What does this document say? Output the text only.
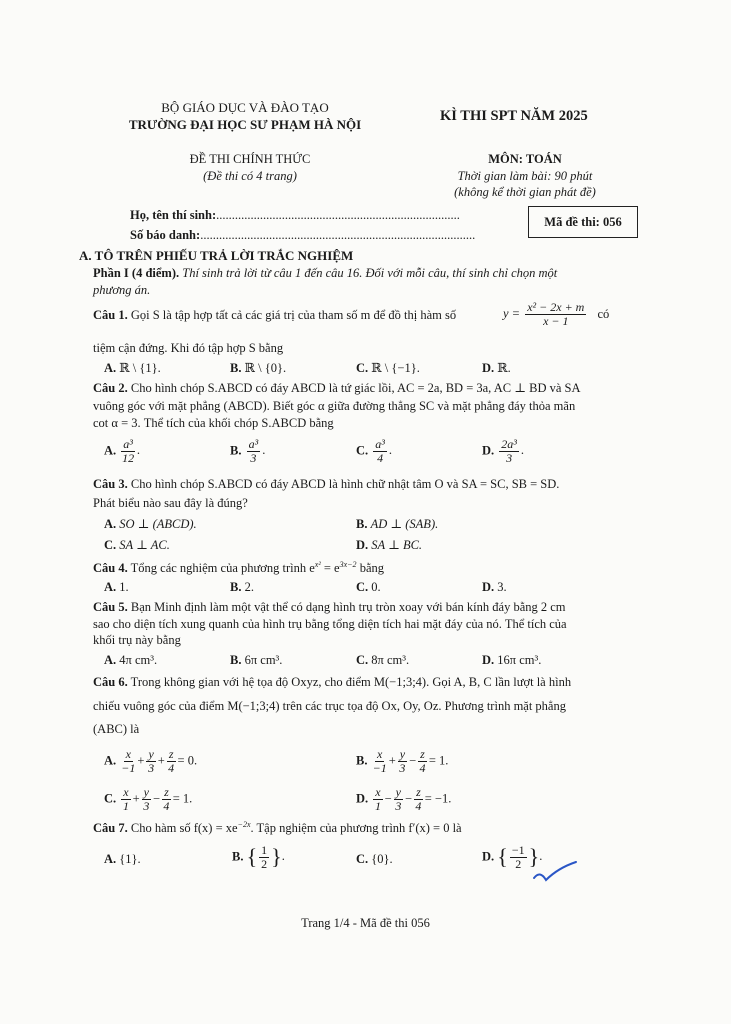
BỘ GIÁO DỤC VÀ ĐÀO TẠO
TRƯỜNG ĐẠI HỌC SƯ PHẠM HÀ NỘI
KÌ THI SPT NĂM 2025
ĐỀ THI CHÍNH THỨC
(Đề thi có 4 trang)
MÔN: TOÁN
Thời gian làm bài: 90 phút
(không kể thời gian phát đề)
Họ, tên thí sinh:..............................................................................
Số báo danh:........................................................................................
Mã đề thi: 056
A. TÔ TRÊN PHIẾU TRẢ LỜI TRẮC NGHIỆM
Phần I (4 điểm). Thí sinh trả lời từ câu 1 đến câu 16. Đối với mỗi câu, thí sinh chỉ chọn một
phương án.
Câu 1. Gọi S là tập hợp tất cả các giá trị của tham số m để đồ thị hàm số	$y = \frac{\text{x² − 2x + m}}{x - 1}$ có
tiệm cận đứng. Khi đó tập hợp S bằng
A. ℝ \ {1}.	B. ℝ \ {0}.	C. ℝ \ {−1}.	D. ℝ.
Câu 2. Cho hình chóp S.ABCD có đáy ABCD là tứ giác lồi, AC = 2a, BD = 3a, AC ⊥ BD và SA
vuông góc với mặt phẳng (ABCD). Biết góc α giữa đường thẳng SC và mặt phẳng đáy thỏa mãn
cot α = 3. Thể tích của khối chóp S.ABCD bằng
A. $\frac{\text{a³}}{12}$ .	B. $\frac{\text{a³}}{3}$ .	C. $\frac{\text{a³}}{4}$ .	D. $\frac{\text{2a³}}{3}$ .
Câu 3. Cho hình chóp S.ABCD có đáy ABCD là hình chữ nhật tâm O và SA = SC, SB = SD.
Phát biểu nào sau đây là đúng?
A. SO ⊥ (ABCD).	B. AD ⊥ (SAB).
C. SA ⊥ AC.	D. SA ⊥ BC.
Câu 4. Tổng các nghiệm của phương trình $e^{x^2} = e^{3x-2}$ bằng
A. 1.	B. 2.	C. 0.	D. 3.
Câu 5. Bạn Minh định làm một vật thể có dạng hình trụ tròn xoay với bán kính đáy bằng 2 cm
sao cho diện tích xung quanh của hình trụ bằng tổng diện tích hai mặt đáy của nó. Thể tích của
khối trụ này bằng
A. 4π cm³.	B. 6π cm³.	C. 8π cm³.	D. 16π cm³.
Câu 6. Trong không gian với hệ tọa độ Oxyz, cho điểm M(−1;3;4). Gọi A, B, C lần lượt là hình
chiếu vuông góc của điểm M(−1;3;4) trên các trục tọa độ Ox, Oy, Oz. Phương trình mặt phẳng
(ABC) là
A. $\frac{x}{-1} + \frac{y}{3} + \frac{z}{4} = 0$.	B. $\frac{x}{-1} + \frac{y}{3} - \frac{z}{4} = 1$.
C. $\frac{x}{1} + \frac{y}{3} - \frac{z}{4} = 1$.	D. $\frac{x}{1} - \frac{y}{3} - \frac{z}{4} = -1$.
Câu 7. Cho hàm số $f(x) = xe^{-2x}$. Tập nghiệm của phương trình f′(x) = 0 là
A. {1}.	B. { $\frac{1}{2}$ }.	C. {0}.	D. { $\frac{-1}{2}$ }.
Trang 1/4 - Mã đề thi 056
